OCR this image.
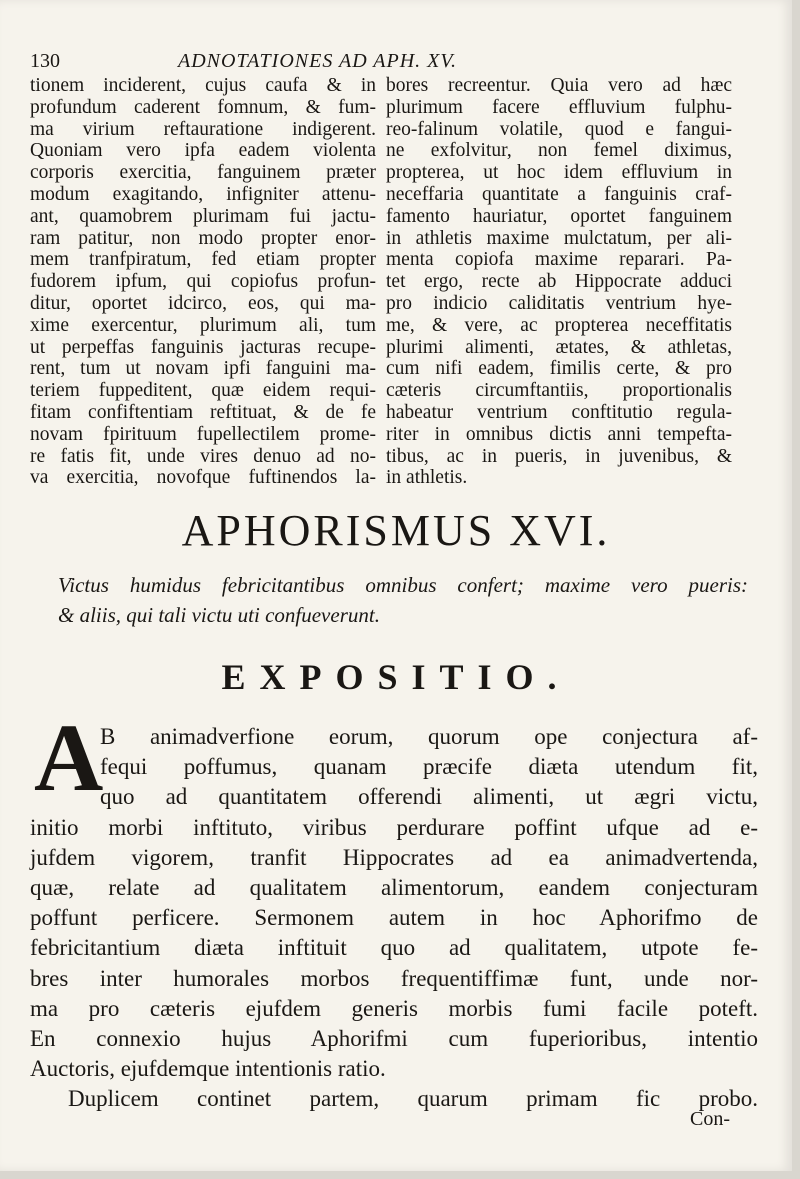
130	ADNOTATIONES AD APH. XV.
tionem inciderent, cujus caufa & in
profundum caderent fomnum, & fum-
ma virium reftauratione indigerent.
Quoniam vero ipfa eadem violenta
corporis exercitia, fanguinem præter
modum exagitando, infigniter attenu-
ant, quamobrem plurimam fui jactu-
ram patitur, non modo propter enor-
mem tranfpiratum, fed etiam propter
fudorem ipfum, qui copiofus profun-
ditur, oportet idcirco, eos, qui ma-
xime exercentur, plurimum ali, tum
ut perpeffas fanguinis jacturas recupe-
rent, tum ut novam ipfi fanguini ma-
teriem fuppeditent, quæ eidem requi-
fitam confiftentiam reftituat, & de fe
novam fpirituum fupellectilem prome-
re fatis fit, unde vires denuo ad no-
va exercitia, novofque fuftinendos la-
bores recreentur. Quia vero ad hæc
plurimum facere effluvium fulphu-
reo-falinum volatile, quod e fangui-
ne exfolvitur, non femel diximus,
propterea, ut hoc idem effluvium in
neceffaria quantitate a fanguinis craf-
famento hauriatur, oportet fanguinem
in athletis maxime mulctatum, per ali-
menta copiofa maxime reparari. Pa-
tet ergo, recte ab Hippocrate adduci
pro indicio caliditatis ventrium hye-
me, & vere, ac propterea neceffitatis
plurimi alimenti, ætates, & athletas,
cum nifi eadem, fimilis certe, & pro
cæteris circumftantiis, proportionalis
habeatur ventrium conftitutio regula-
riter in omnibus dictis anni tempefta-
tibus, ac in pueris, in juvenibus, &
in athletis.
APHORISMUS XVI.
Victus humidus febricitantibus omnibus confert; maxime vero pueris:
& aliis, qui tali victu uti confueverunt.
EXPOSITIO.
A
B animadverfione eorum, quorum ope conjectura af-
fequi poffumus, quanam præcife diæta utendum fit,
quo ad quantitatem offerendi alimenti, ut ægri victu,
initio morbi inftituto, viribus perdurare poffint ufque ad e-
jufdem vigorem, tranfit Hippocrates ad ea animadvertenda,
quæ, relate ad qualitatem alimentorum, eandem conjecturam
poffunt perficere. Sermonem autem in hoc Aphorifmo de
febricitantium diæta inftituit quo ad qualitatem, utpote fe-
bres inter humorales morbos frequentiffimæ funt, unde nor-
ma pro cæteris ejufdem generis morbis fumi facile poteft.
En connexio hujus Aphorifmi cum fuperioribus, intentio
Auctoris, ejufdemque intentionis ratio.
Duplicem continet partem, quarum primam fic probo.
Con-
